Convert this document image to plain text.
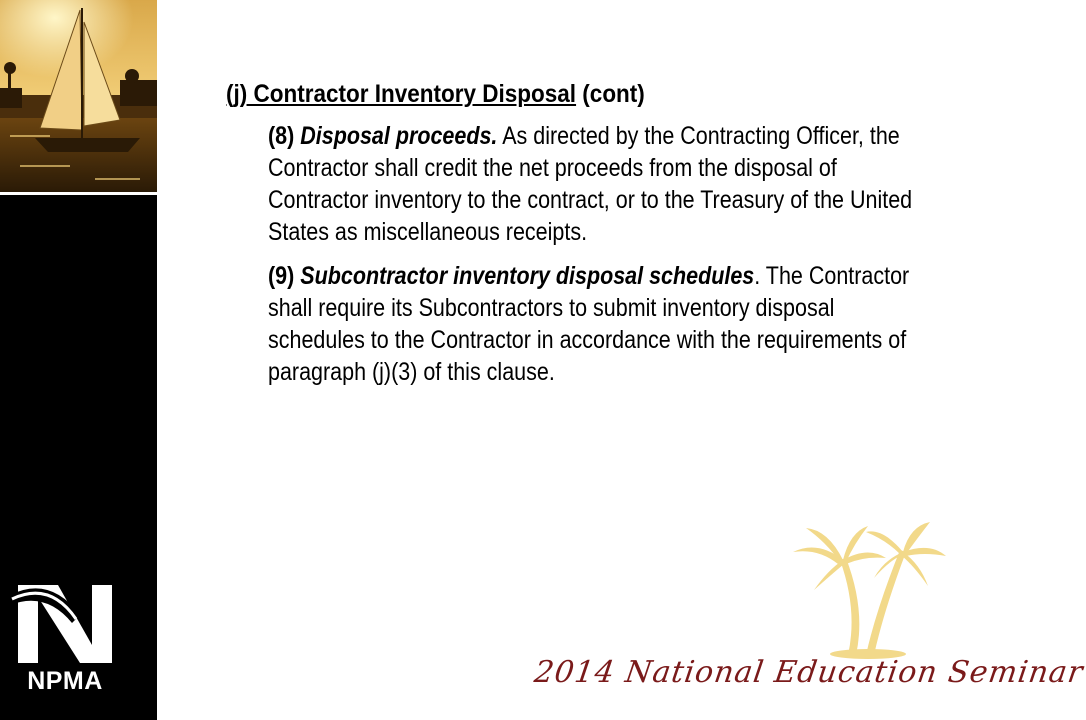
NPMA

(j) Contractor Inventory Disposal (cont)

(8) Disposal proceeds. As directed by the Contracting Officer, the Contractor shall credit the net proceeds from the disposal of Contractor inventory to the contract, or to the Treasury of the United States as miscellaneous receipts.

(9) Subcontractor inventory disposal schedules. The Contractor shall require its Subcontractors to submit inventory disposal schedules to the Contractor in accordance with the requirements of paragraph (j)(3) of this clause.

2014 National Education Seminar
